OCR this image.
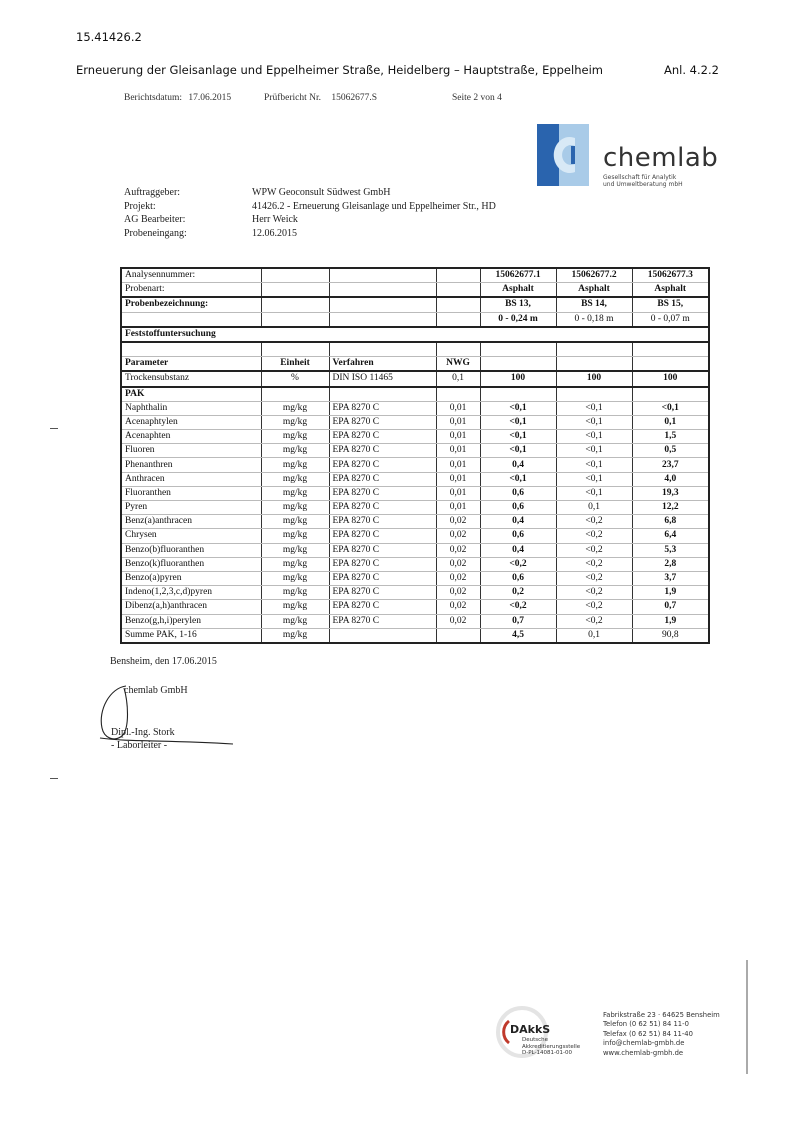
15.41426.2
Erneuerung der Gleisanlage und Eppelheimer Straße, Heidelberg – Hauptstraße, Eppelheim	Anl. 4.2.2
Berichtsdatum: 17.06.2015	Prüfbericht Nr. 15062677.S	Seite 2 von 4
chemlab
Gesellschaft für Analytik
und Umweltberatung mbH
Auftraggeber:	WPW Geoconsult Südwest GmbH
Projekt:	41426.2 - Erneuerung Gleisanlage und Eppelheimer Str., HD
AG Bearbeiter:	Herr Weick
Probeneingang:	12.06.2015
Analysennummer:				15062677.1	15062677.2	15062677.3
Probenart:				Asphalt	Asphalt	Asphalt
Probenbezeichnung:				BS 13,	BS 14,	BS 15,
				0 - 0,24 m	0 - 0,18 m	0 - 0,07 m
Feststoffuntersuchung						

Parameter	Einheit	Verfahren	NWG			
Trockensubstanz	%	DIN ISO 11465	0,1	100	100	100
PAK						
Naphthalin	mg/kg	EPA 8270 C	0,01	<0,1	<0,1	<0,1
Acenaphtylen	mg/kg	EPA 8270 C	0,01	<0,1	<0,1	0,1
Acenaphten	mg/kg	EPA 8270 C	0,01	<0,1	<0,1	1,5
Fluoren	mg/kg	EPA 8270 C	0,01	<0,1	<0,1	0,5
Phenanthren	mg/kg	EPA 8270 C	0,01	0,4	<0,1	23,7
Anthracen	mg/kg	EPA 8270 C	0,01	<0,1	<0,1	4,0
Fluoranthen	mg/kg	EPA 8270 C	0,01	0,6	<0,1	19,3
Pyren	mg/kg	EPA 8270 C	0,01	0,6	0,1	12,2
Benz(a)anthracen	mg/kg	EPA 8270 C	0,02	0,4	<0,2	6,8
Chrysen	mg/kg	EPA 8270 C	0,02	0,6	<0,2	6,4
Benzo(b)fluoranthen	mg/kg	EPA 8270 C	0,02	0,4	<0,2	5,3
Benzo(k)fluoranthen	mg/kg	EPA 8270 C	0,02	<0,2	<0,2	2,8
Benzo(a)pyren	mg/kg	EPA 8270 C	0,02	0,6	<0,2	3,7
Indeno(1,2,3,c,d)pyren	mg/kg	EPA 8270 C	0,02	0,2	<0,2	1,9
Dibenz(a,h)anthracen	mg/kg	EPA 8270 C	0,02	<0,2	<0,2	0,7
Benzo(g,h,i)perylen	mg/kg	EPA 8270 C	0,02	0,7	<0,2	1,9
Summe PAK, 1-16	mg/kg			4,5	0,1	90,8
Bensheim, den 17.06.2015
chemlab GmbH
Dipl.-Ing. Stork
- Laborleiter -
DAkkS
Deutsche
Akkreditierungsstelle
D-PL-14081-01-00
Fabrikstraße 23 · 64625 Bensheim
Telefon (0 62 51) 84 11-0
Telefax (0 62 51) 84 11-40
info@chemlab-gmbh.de
www.chemlab-gmbh.de
